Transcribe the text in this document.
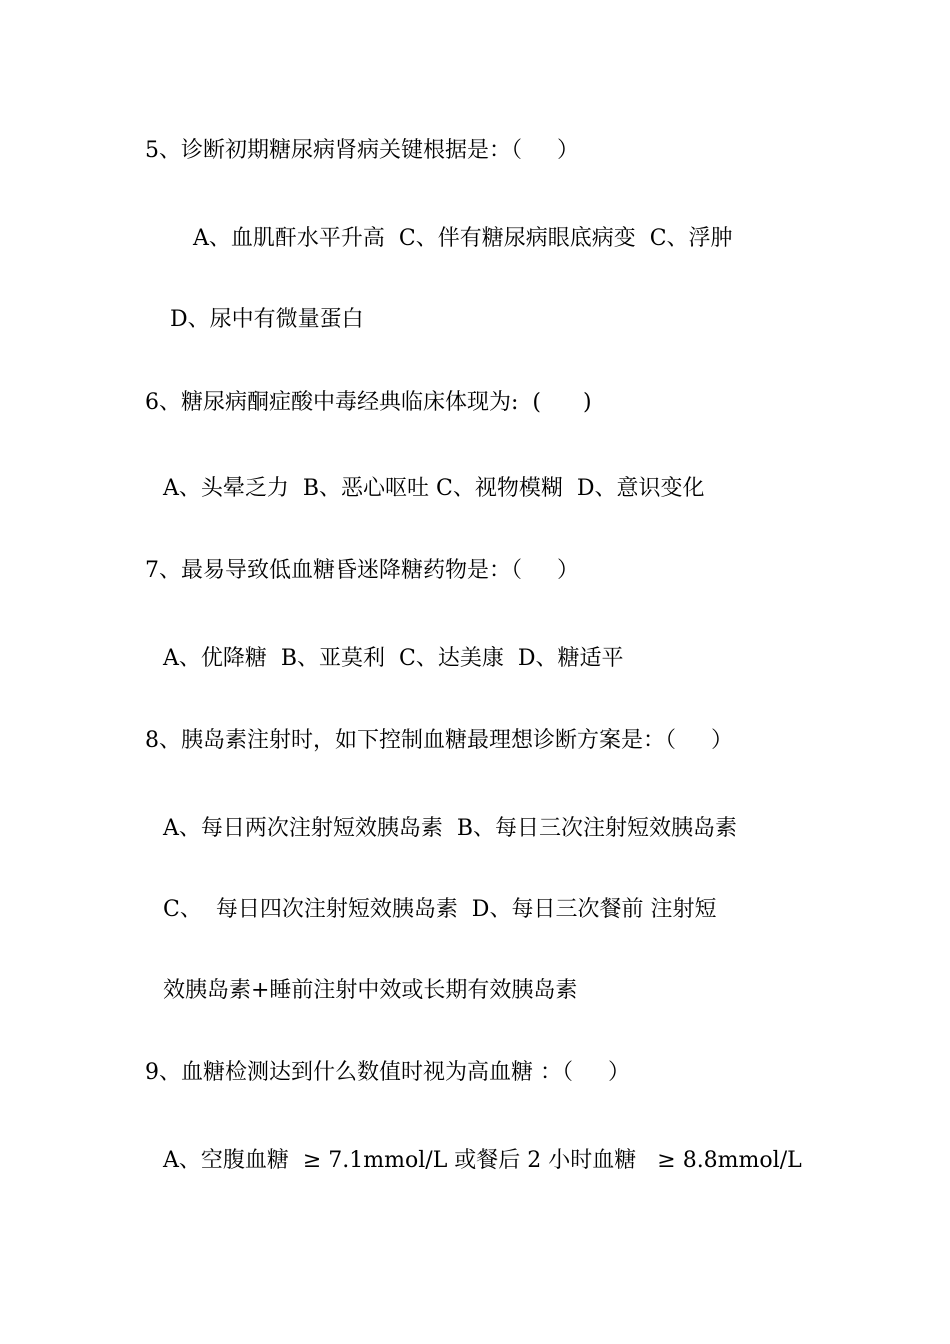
5、诊断初期糖尿病肾病关键根据是：（     ）
A、血肌酐水平升高  C、伴有糖尿病眼底病变  C、浮肿
D、尿中有微量蛋白
6、糖尿病酮症酸中毒经典临床体现为:  (      )
A、头晕乏力  B、恶心呕吐 C、视物模糊  D、意识变化
7、最易导致低血糖昏迷降糖药物是：（     ）
A、优降糖  B、亚莫利  C、达美康  D、糖适平
8、胰岛素注射时，如下控制血糖最理想诊断方案是：（     ）
A、每日两次注射短效胰岛素  B、每日三次注射短效胰岛素
C、  每日四次注射短效胰岛素  D、每日三次餐前 注射短
效胰岛素+睡前注射中效或长期有效胰岛素
9、血糖检测达到什么数值时视为高血糖 ：（     ）
A、空腹血糖  ≥ 7.1mmol/L 或餐后 2 小时血糖   ≥ 8.8mmol/L
